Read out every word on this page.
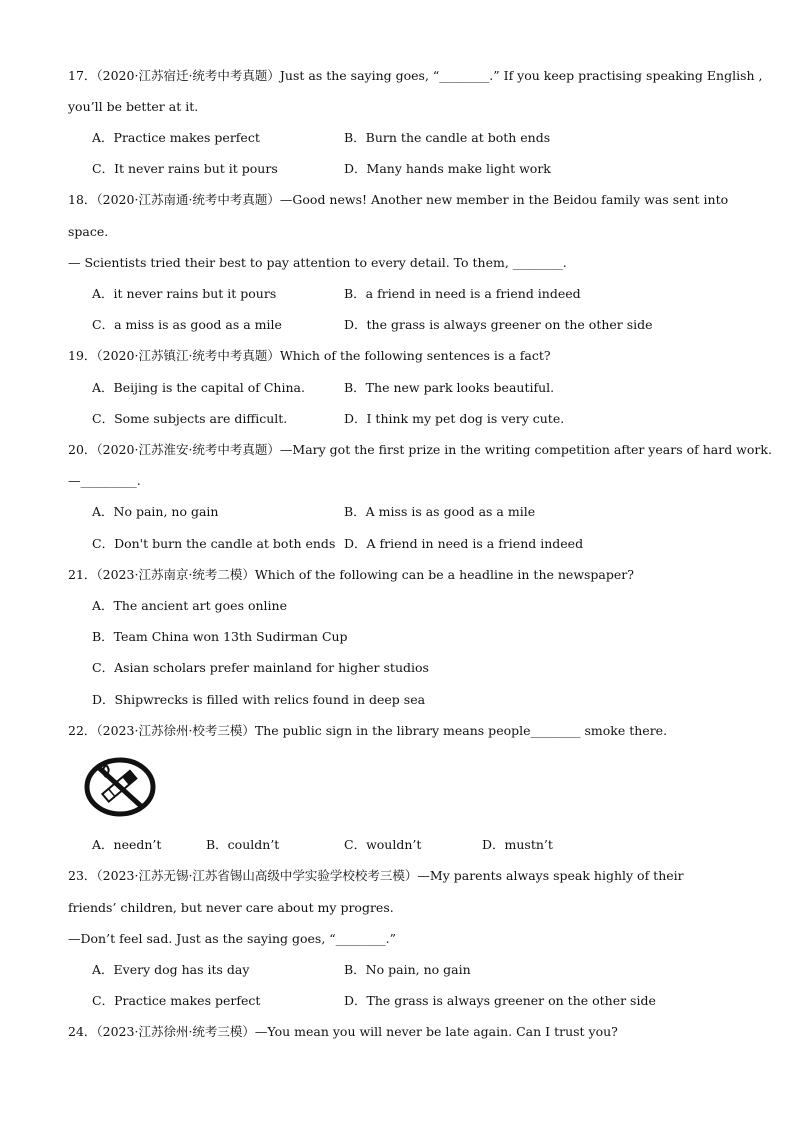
17．（2020·江苏宿迁·统考中考真题）Just as the saying goes, “________.” If you keep practising speaking English ,
you’ll be better at it.
A．Practice makes perfect	B．Burn the candle at both ends
C．It never rains but it pours	D．Many hands make light work
18．（2020·江苏南通·统考中考真题）—Good news! Another new member in the Beidou family was sent into
space.
— Scientists tried their best to pay attention to every detail. To them, ________.
A．it never rains but it pours	B．a friend in need is a friend indeed
C．a miss is as good as a mile	D．the grass is always greener on the other side
19．（2020·江苏镇江·统考中考真题）Which of the following sentences is a fact?
A．Beijing is the capital of China.	B．The new park looks beautiful.
C．Some subjects are difficult.	D．I think my pet dog is very cute.
20．（2020·江苏淮安·统考中考真题）—Mary got the first prize in the writing competition after years of hard work.
—_________.
A．No pain, no gain	B．A miss is as good as a mile
C．Don't burn the candle at both ends D．A friend in need is a friend indeed
21．（2023·江苏南京·统考二模）Which of the following can be a headline in the newspaper?
A．The ancient art goes online
B．Team China won 13th Sudirman Cup
C．Asian scholars prefer mainland for higher studios
D．Shipwrecks is filled with relics found in deep sea
22．（2023·江苏徐州·校考三模）The public sign in the library means people________ smoke there.
A．needn’t	B．couldn’t	C．wouldn’t	D．mustn’t
23．（2023·江苏无锡·江苏省锡山高级中学实验学校校考三模）—My parents always speak highly of their
friends’ children, but never care about my progres.
—Don’t feel sad. Just as the saying goes, “________.”
A．Every dog has its day	B．No pain, no gain
C．Practice makes perfect	D．The grass is always greener on the other side
24．（2023·江苏徐州·统考三模）—You mean you will never be late again. Can I trust you?
